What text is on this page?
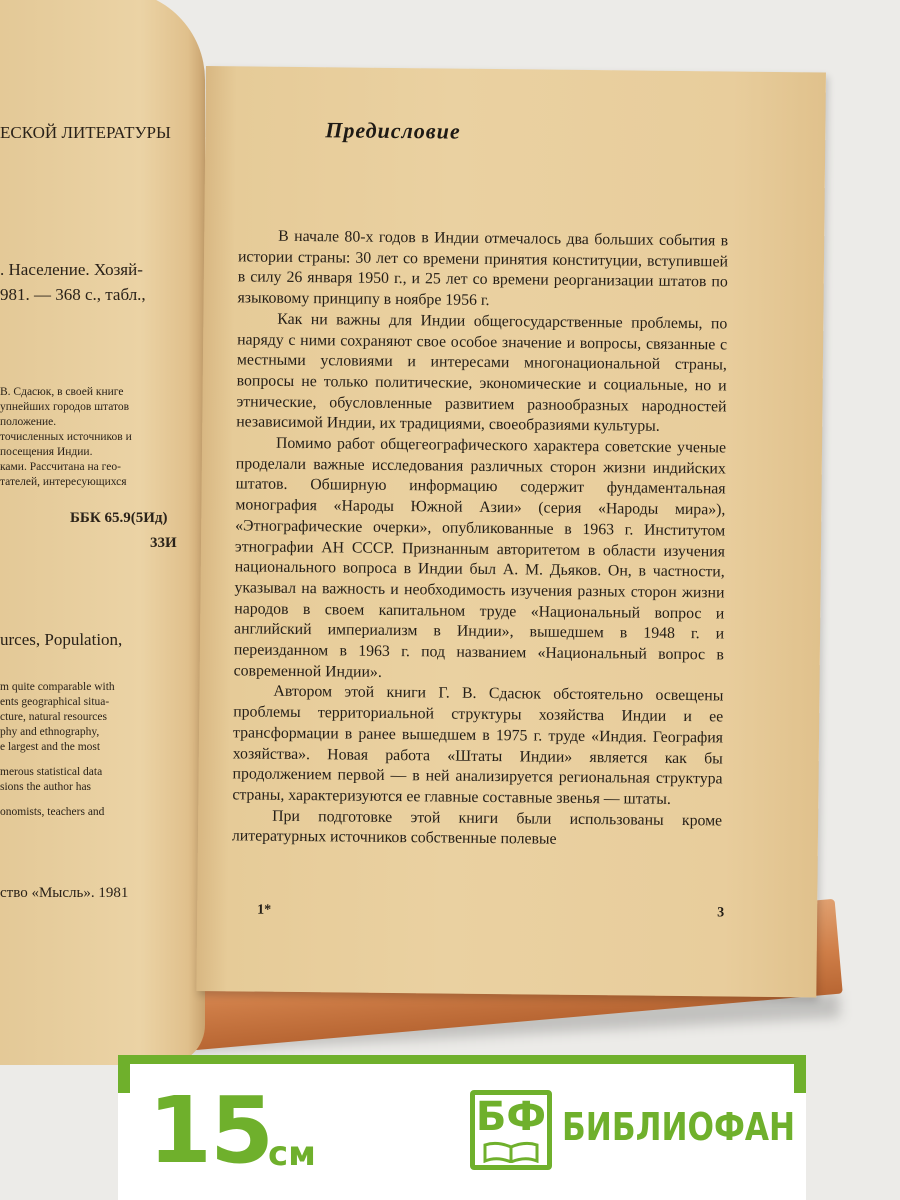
ЕСКОЙ ЛИТЕРАТУРЫ
. Население. Хозяй-
981. — 368 с., табл.,
В. Сдасюк, в своей книге
упнейших городов штатов
положение.
точисленных источников и
посещения Индии.
ками. Рассчитана на гео-
тателей, интересующихся
ББК 65.9(5Ид)
33И
urces, Population,
m quite comparable with
ents geographical situa-
cture, natural resources
phy and ethnography,
e largest and the most
merous statistical data
sions the author has
onomists, teachers and
ство «Мысль». 1981
Предисловие

В начале 80-х годов в Индии отмечалось два больших события в истории страны: 30 лет со времени принятия конституции, вступившей в силу 26 января 1950 г., и 25 лет со времени реорганизации штатов по языковому принципу в ноябре 1956 г.

Как ни важны для Индии общегосударственные проблемы, по наряду с ними сохраняют свое особое значение и вопросы, связанные с местными условиями и интересами многонациональной страны, вопросы не только политические, экономические и социальные, но и этнические, обусловленные развитием разнообразных народностей независимой Индии, их традициями, своеобразиями культуры.

Помимо работ общегеографического характера советские ученые проделали важные исследования различных сторон жизни индийских штатов. Обширную информацию содержит фундаментальная монография «Народы Южной Азии» (серия «Народы мира»), «Этнографические очерки», опубликованные в 1963 г. Институтом этнографии АН СССР. Признанным авторитетом в области изучения национального вопроса в Индии был А. М. Дьяков. Он, в частности, указывал на важность и необходимость изучения разных сторон жизни народов в своем капитальном труде «Национальный вопрос и английский империализм в Индии», вышедшем в 1948 г. и переизданном в 1963 г. под названием «Национальный вопрос в современной Индии».

Автором этой книги Г. В. Сдасюк обстоятельно освещены проблемы территориальной структуры хозяйства Индии и ее трансформации в ранее вышедшем в 1975 г. труде «Индия. География хозяйства». Новая работа «Штаты Индии» является как бы продолжением первой — в ней анализируется региональная структура страны, характеризуются ее главные составные звенья — штаты.

При подготовке этой книги были использованы кроме литературных источников собственные полевые

1*	3
15
см
БФ БИБЛИОФАН
